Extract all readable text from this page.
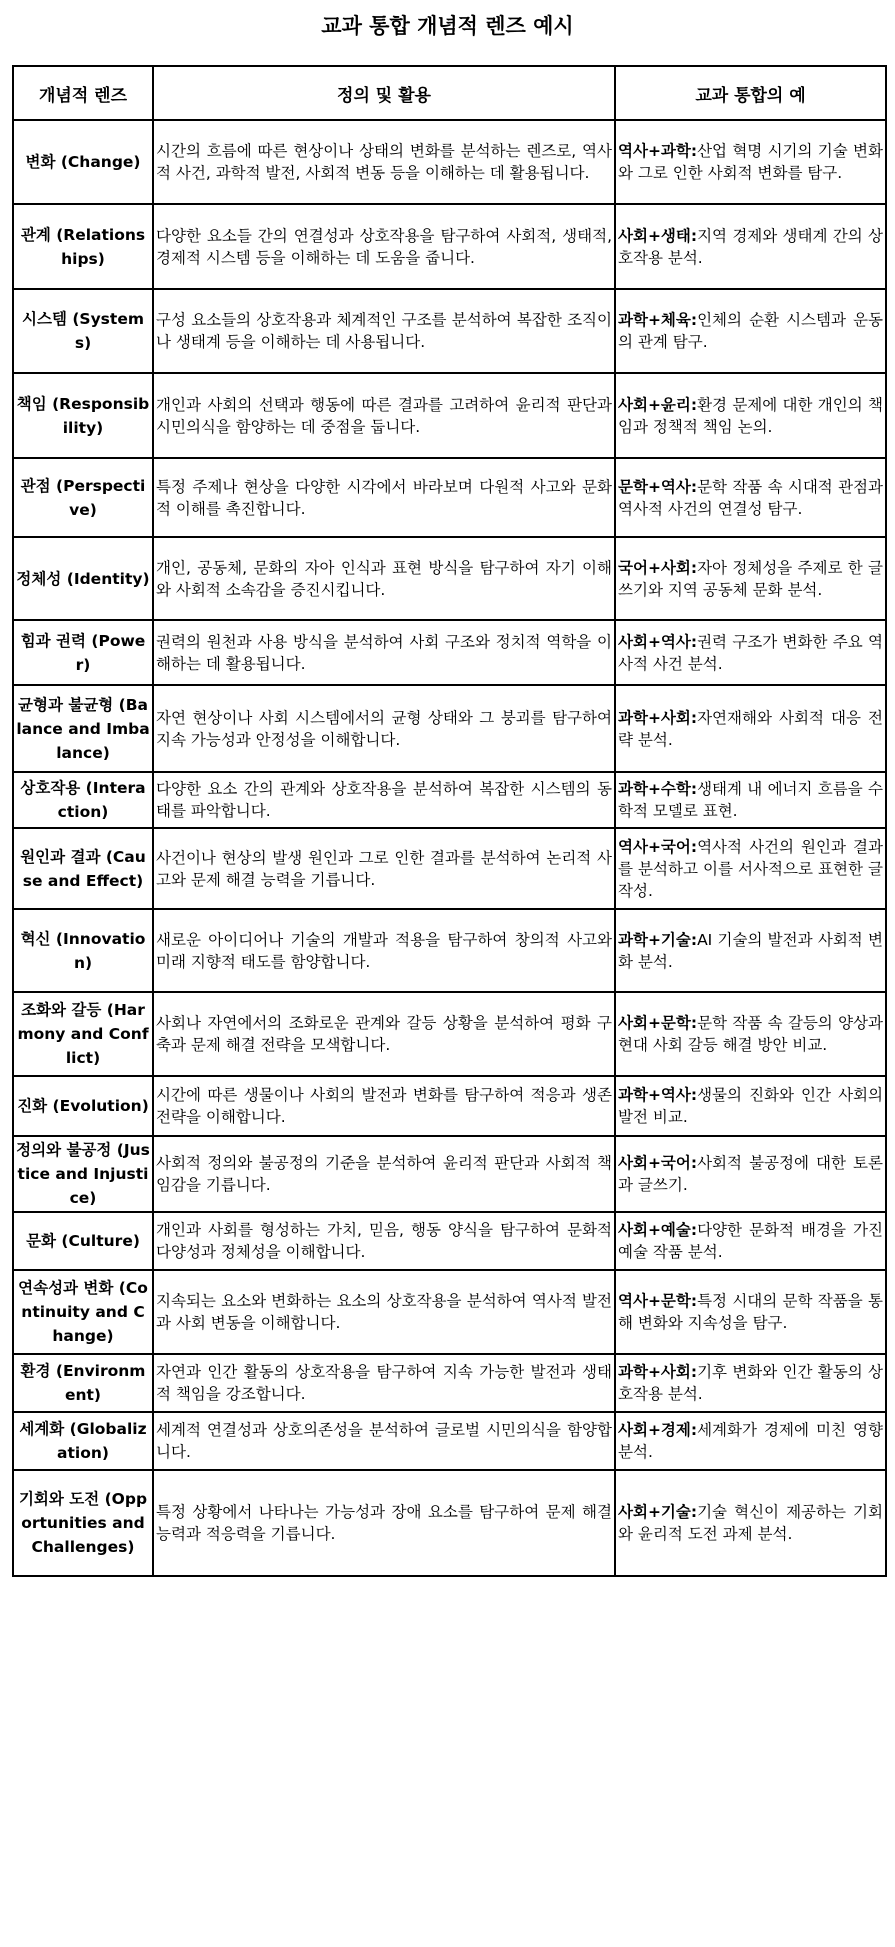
교과 통합 개념적 렌즈 예시
개념적 렌즈	정의 및 활용	교과 통합의 예
변화 (Change)	시간의 흐름에 따른 현상이나 상태의 변화를 분석하는 렌즈로, 역사적 사건, 과학적 발전, 사회적 변동 등을 이해하는 데 활용됩니다.	역사+과학:산업 혁명 시기의 기술 변화와 그로 인한 사회적 변화를 탐구.
관계 (Relationships)	다양한 요소들 간의 연결성과 상호작용을 탐구하여 사회적, 생태적, 경제적 시스템 등을 이해하는 데 도움을 줍니다.	사회+생태:지역 경제와 생태계 간의 상호작용 분석.
시스템 (Systems)	구성 요소들의 상호작용과 체계적인 구조를 분석하여 복잡한 조직이나 생태계 등을 이해하는 데 사용됩니다.	과학+체육:인체의 순환 시스템과 운동의 관계 탐구.
책임 (Responsibility)	개인과 사회의 선택과 행동에 따른 결과를 고려하여 윤리적 판단과 시민의식을 함양하는 데 중점을 둡니다.	사회+윤리:환경 문제에 대한 개인의 책임과 정책적 책임 논의.
관점 (Perspective)	특정 주제나 현상을 다양한 시각에서 바라보며 다원적 사고와 문화적 이해를 촉진합니다.	문학+역사:문학 작품 속 시대적 관점과 역사적 사건의 연결성 탐구.
정체성 (Identity)	개인, 공동체, 문화의 자아 인식과 표현 방식을 탐구하여 자기 이해와 사회적 소속감을 증진시킵니다.	국어+사회:자아 정체성을 주제로 한 글쓰기와 지역 공동체 문화 분석.
힘과 권력 (Power)	권력의 원천과 사용 방식을 분석하여 사회 구조와 정치적 역학을 이해하는 데 활용됩니다.	사회+역사:권력 구조가 변화한 주요 역사적 사건 분석.
균형과 불균형 (Balance and Imbalance)	자연 현상이나 사회 시스템에서의 균형 상태와 그 붕괴를 탐구하여 지속 가능성과 안정성을 이해합니다.	과학+사회:자연재해와 사회적 대응 전략 분석.
상호작용 (Interaction)	다양한 요소 간의 관계와 상호작용을 분석하여 복잡한 시스템의 동태를 파악합니다.	과학+수학:생태계 내 에너지 흐름을 수학적 모델로 표현.
원인과 결과 (Cause and Effect)	사건이나 현상의 발생 원인과 그로 인한 결과를 분석하여 논리적 사고와 문제 해결 능력을 기릅니다.	역사+국어:역사적 사건의 원인과 결과를 분석하고 이를 서사적으로 표현한 글 작성.
혁신 (Innovation)	새로운 아이디어나 기술의 개발과 적용을 탐구하여 창의적 사고와 미래 지향적 태도를 함양합니다.	과학+기술:AI 기술의 발전과 사회적 변화 분석.
조화와 갈등 (Harmony and Conflict)	사회나 자연에서의 조화로운 관계와 갈등 상황을 분석하여 평화 구축과 문제 해결 전략을 모색합니다.	사회+문학:문학 작품 속 갈등의 양상과 현대 사회 갈등 해결 방안 비교.
진화 (Evolution)	시간에 따른 생물이나 사회의 발전과 변화를 탐구하여 적응과 생존 전략을 이해합니다.	과학+역사:생물의 진화와 인간 사회의 발전 비교.
정의와 불공정 (Justice and Injustice)	사회적 정의와 불공정의 기준을 분석하여 윤리적 판단과 사회적 책임감을 기릅니다.	사회+국어:사회적 불공정에 대한 토론과 글쓰기.
문화 (Culture)	개인과 사회를 형성하는 가치, 믿음, 행동 양식을 탐구하여 문화적 다양성과 정체성을 이해합니다.	사회+예술:다양한 문화적 배경을 가진 예술 작품 분석.
연속성과 변화 (Continuity and Change)	지속되는 요소와 변화하는 요소의 상호작용을 분석하여 역사적 발전과 사회 변동을 이해합니다.	역사+문학:특정 시대의 문학 작품을 통해 변화와 지속성을 탐구.
환경 (Environment)	자연과 인간 활동의 상호작용을 탐구하여 지속 가능한 발전과 생태적 책임을 강조합니다.	과학+사회:기후 변화와 인간 활동의 상호작용 분석.
세계화 (Globalization)	세계적 연결성과 상호의존성을 분석하여 글로벌 시민의식을 함양합니다.	사회+경제:세계화가 경제에 미친 영향 분석.
기회와 도전 (Opportunities and Challenges)	특정 상황에서 나타나는 가능성과 장애 요소를 탐구하여 문제 해결 능력과 적응력을 기릅니다.	사회+기술:기술 혁신이 제공하는 기회와 윤리적 도전 과제 분석.
